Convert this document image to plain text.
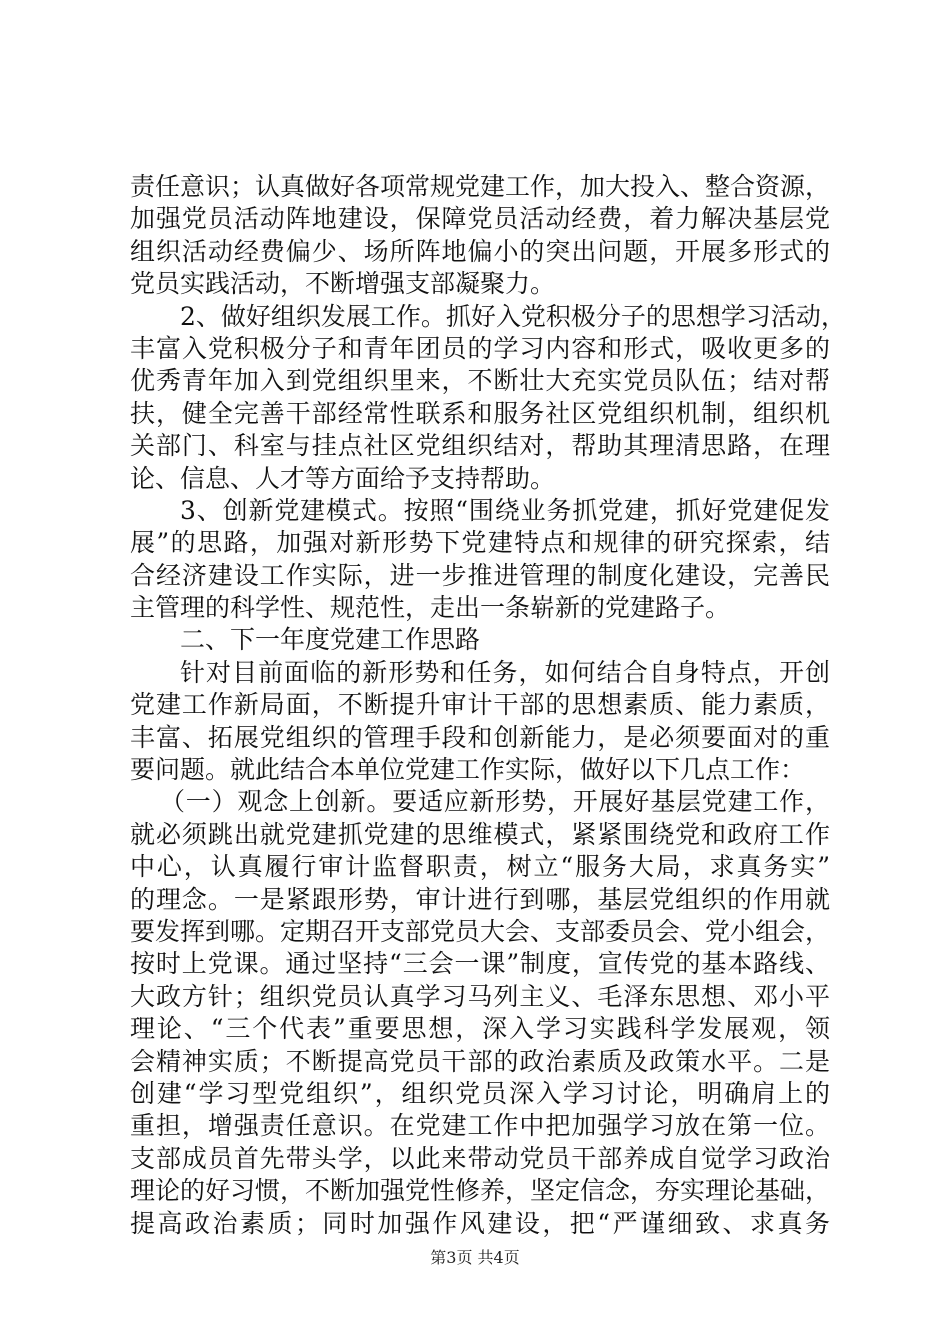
责任意识；认真做好各项常规党建工作，加大投入、整合资源，
加强党员活动阵地建设，保障党员活动经费，着力解决基层党
组织活动经费偏少、场所阵地偏小的突出问题，开展多形式的
党员实践活动，不断增强支部凝聚力。
2、做好组织发展工作。抓好入党积极分子的思想学习活动，
丰富入党积极分子和青年团员的学习内容和形式，吸收更多的
优秀青年加入到党组织里来，不断壮大充实党员队伍；结对帮
扶，健全完善干部经常性联系和服务社区党组织机制，组织机
关部门、科室与挂点社区党组织结对，帮助其理清思路，在理
论、信息、人才等方面给予支持帮助。
3、创新党建模式。按照“围绕业务抓党建，抓好党建促发
展”的思路，加强对新形势下党建特点和规律的研究探索，结
合经济建设工作实际，进一步推进管理的制度化建设，完善民
主管理的科学性、规范性，走出一条崭新的党建路子。
二、下一年度党建工作思路
针对目前面临的新形势和任务，如何结合自身特点，开创
党建工作新局面，不断提升审计干部的思想素质、能力素质，
丰富、拓展党组织的管理手段和创新能力，是必须要面对的重
要问题。就此结合本单位党建工作实际，做好以下几点工作：
（一）观念上创新。要适应新形势，开展好基层党建工作，
就必须跳出就党建抓党建的思维模式，紧紧围绕党和政府工作
中心，认真履行审计监督职责，树立“服务大局，求真务实”
的理念。一是紧跟形势，审计进行到哪，基层党组织的作用就
要发挥到哪。定期召开支部党员大会、支部委员会、党小组会，
按时上党课。通过坚持“三会一课”制度，宣传党的基本路线、
大政方针；组织党员认真学习马列主义、毛泽东思想、邓小平
理论、“三个代表”重要思想，深入学习实践科学发展观，领
会精神实质；不断提高党员干部的政治素质及政策水平。二是
创建“学习型党组织”，组织党员深入学习讨论，明确肩上的
重担，增强责任意识。在党建工作中把加强学习放在第一位。
支部成员首先带头学，以此来带动党员干部养成自觉学习政治
理论的好习惯，不断加强党性修养，坚定信念，夯实理论基础，
提高政治素质；同时加强作风建设，把“严谨细致、求真务
第3页 共4页
